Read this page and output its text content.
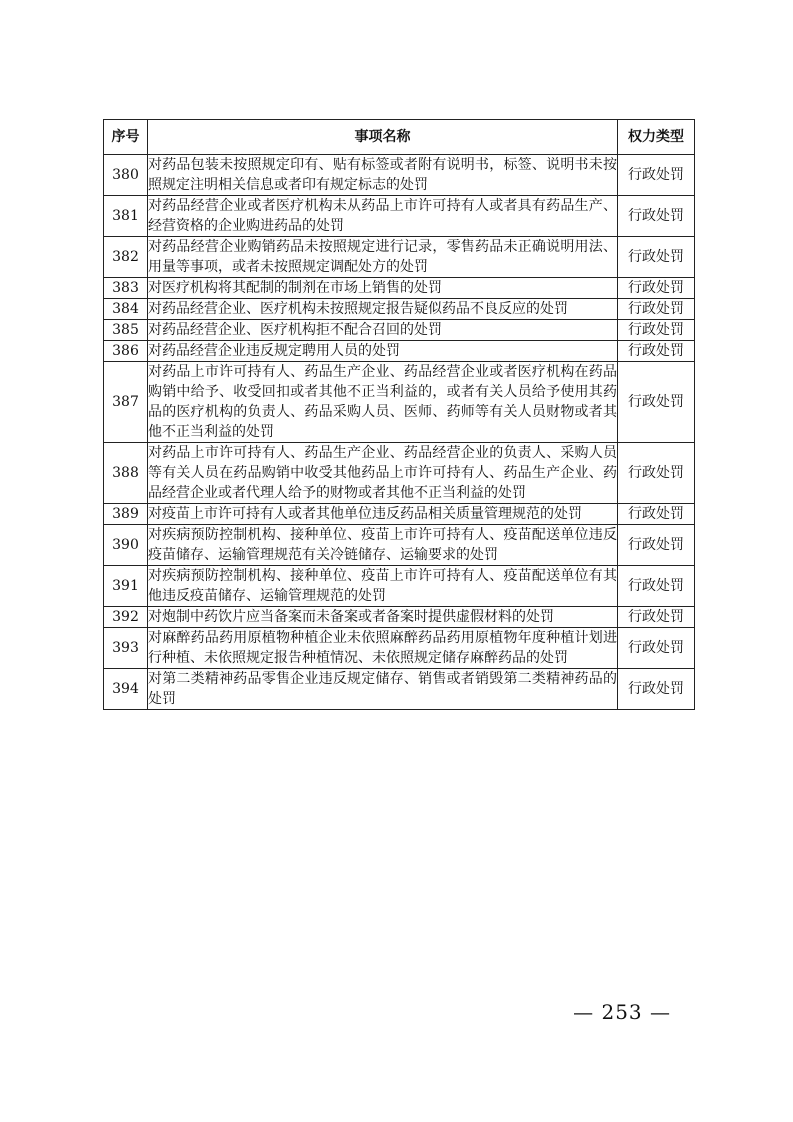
序号	事项名称	权力类型
380	对药品包装未按照规定印有、贴有标签或者附有说明书，标签、说明书未按照规定注明相关信息或者印有规定标志的处罚	行政处罚
381	对药品经营企业或者医疗机构未从药品上市许可持有人或者具有药品生产、经营资格的企业购进药品的处罚	行政处罚
382	对药品经营企业购销药品未按照规定进行记录，零售药品未正确说明用法、用量等事项，或者未按照规定调配处方的处罚	行政处罚
383	对医疗机构将其配制的制剂在市场上销售的处罚	行政处罚
384	对药品经营企业、医疗机构未按照规定报告疑似药品不良反应的处罚	行政处罚
385	对药品经营企业、医疗机构拒不配合召回的处罚	行政处罚
386	对药品经营企业违反规定聘用人员的处罚	行政处罚
387	对药品上市许可持有人、药品生产企业、药品经营企业或者医疗机构在药品购销中给予、收受回扣或者其他不正当利益的，或者有关人员给予使用其药品的医疗机构的负责人、药品采购人员、医师、药师等有关人员财物或者其他不正当利益的处罚	行政处罚
388	对药品上市许可持有人、药品生产企业、药品经营企业的负责人、采购人员等有关人员在药品购销中收受其他药品上市许可持有人、药品生产企业、药品经营企业或者代理人给予的财物或者其他不正当利益的处罚	行政处罚
389	对疫苗上市许可持有人或者其他单位违反药品相关质量管理规范的处罚	行政处罚
390	对疾病预防控制机构、接种单位、疫苗上市许可持有人、疫苗配送单位违反疫苗储存、运输管理规范有关冷链储存、运输要求的处罚	行政处罚
391	对疾病预防控制机构、接种单位、疫苗上市许可持有人、疫苗配送单位有其他违反疫苗储存、运输管理规范的处罚	行政处罚
392	对炮制中药饮片应当备案而未备案或者备案时提供虚假材料的处罚	行政处罚
393	对麻醉药品药用原植物种植企业未依照麻醉药品药用原植物年度种植计划进行种植、未依照规定报告种植情况、未依照规定储存麻醉药品的处罚	行政处罚
394	对第二类精神药品零售企业违反规定储存、销售或者销毁第二类精神药品的处罚	行政处罚
— 253 —
